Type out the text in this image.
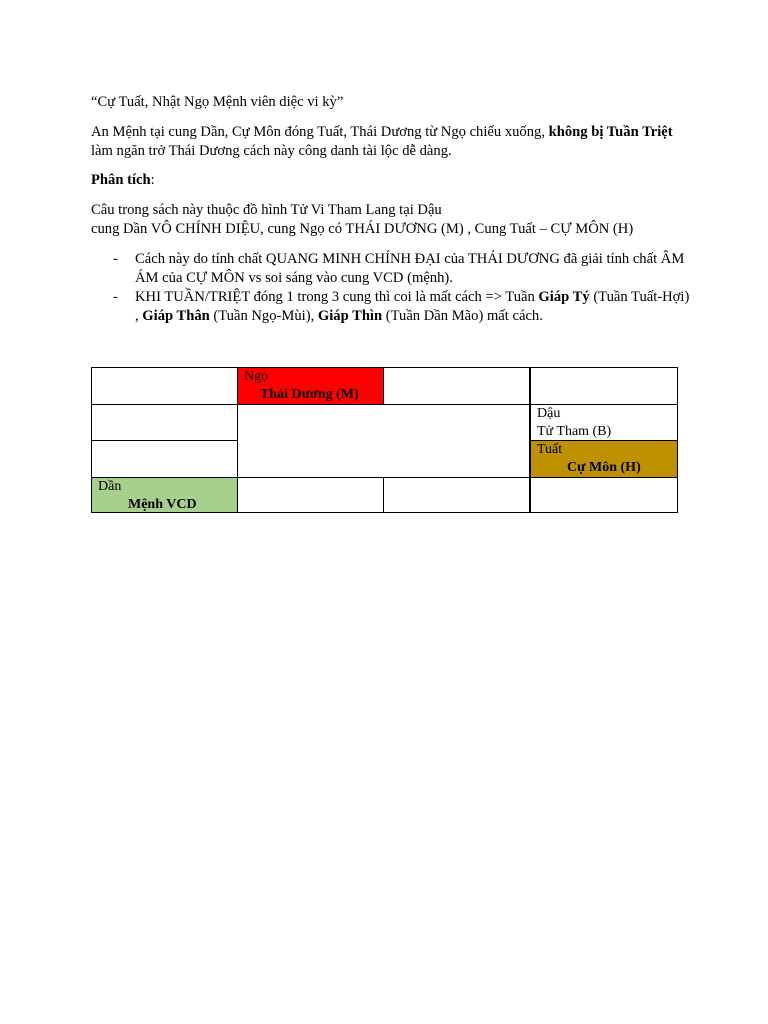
“Cự Tuất, Nhật Ngọ Mệnh viên diệc vi kỳ”

An Mệnh tại cung Dần, Cự Môn đóng Tuất, Thái Dương từ Ngọ chiếu xuống, không bị Tuần Triệt làm ngăn trở Thái Dương cách này công danh tài lộc dễ dàng.

Phân tích:

Câu trong sách này thuộc đồ hình Tử Vi Tham Lang tại Dậu
cung Dần VÔ CHÍNH DIỆU, cung Ngọ có THÁI DƯƠNG (M) , Cung Tuất – CỰ MÔN (H)

- Cách này do tính chất QUANG MINH CHÍNH ĐẠI của THÁI DƯƠNG đã giải tính chất ÂM ÁM của CỰ MÔN vs soi sáng vào cung VCD (mệnh).
- KHI TUẦN/TRIỆT đóng 1 trong 3 cung thì coi là mất cách => Tuần Giáp Tý (Tuần Tuất-Hợi) , Giáp Thân (Tuần Ngọ-Mùi), Giáp Thìn (Tuần Dần Mão) mất cách.
Ngọ
Thái Dương (M)
Dậu
Tử Tham (B)
Tuất
Cự Môn (H)
Dần
Mệnh VCD
